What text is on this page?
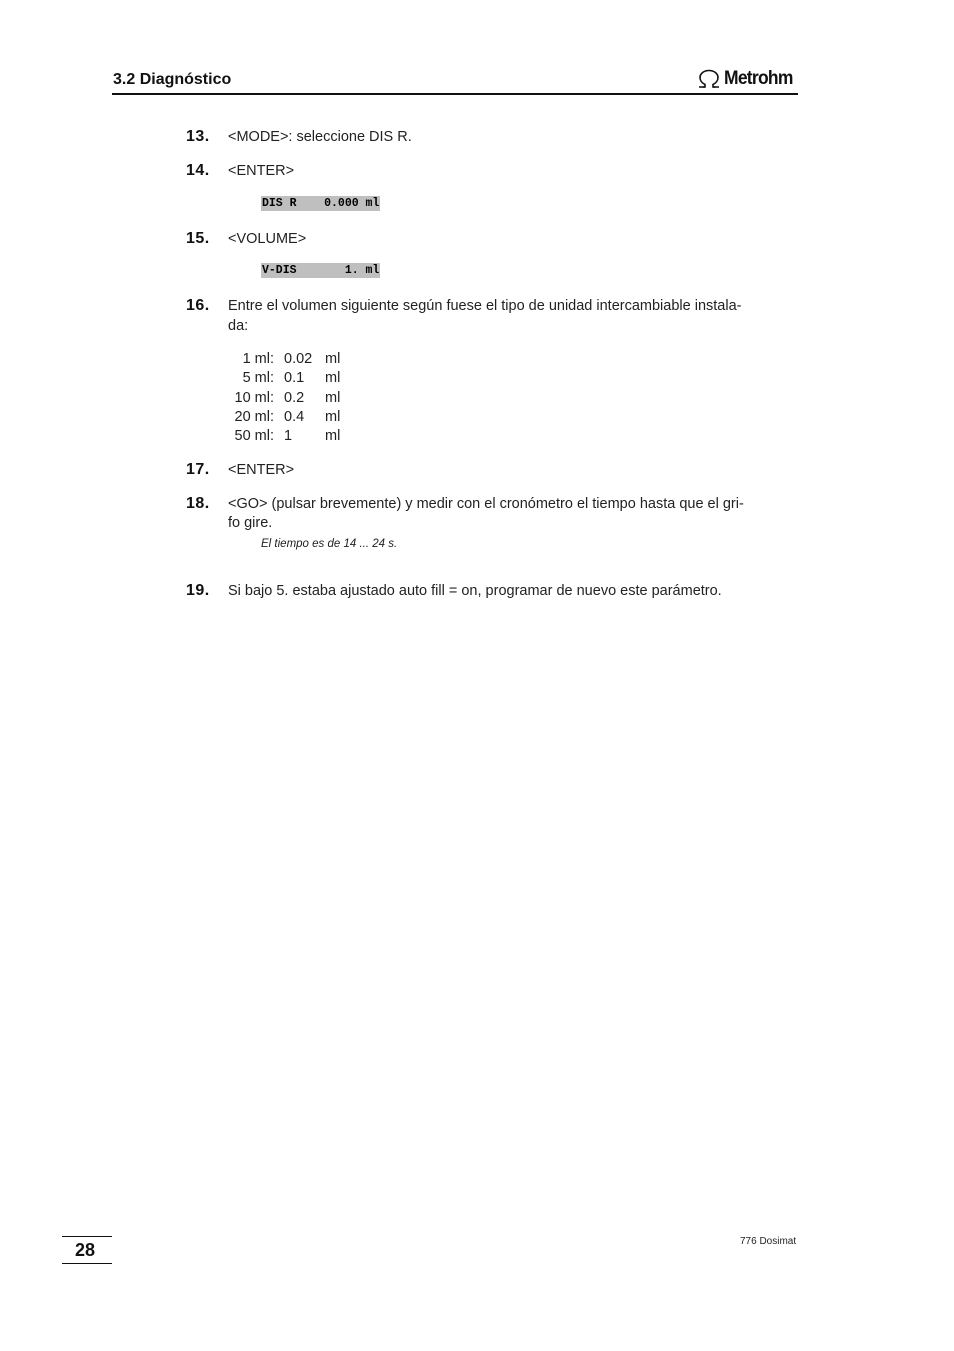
3.2 Diagnóstico	Metrohm
13. <MODE>: seleccione DIS R.
14. <ENTER>
DIS R    0.000 ml
15. <VOLUME>
V-DIS       1. ml
16. Entre el volumen siguiente según fuese el tipo de unidad intercambiable instala-
da:
1 ml:	0.02	ml
5 ml:	0.1	ml
10 ml:	0.2	ml
20 ml:	0.4	ml
50 ml:	1	ml
17. <ENTER>
18. <GO> (pulsar brevemente) y medir con el cronómetro el tiempo hasta que el gri-
fo gire.
El tiempo es de 14 ... 24 s.
19. Si bajo 5. estaba ajustado auto fill = on, programar de nuevo este parámetro.
28	776 Dosimat
